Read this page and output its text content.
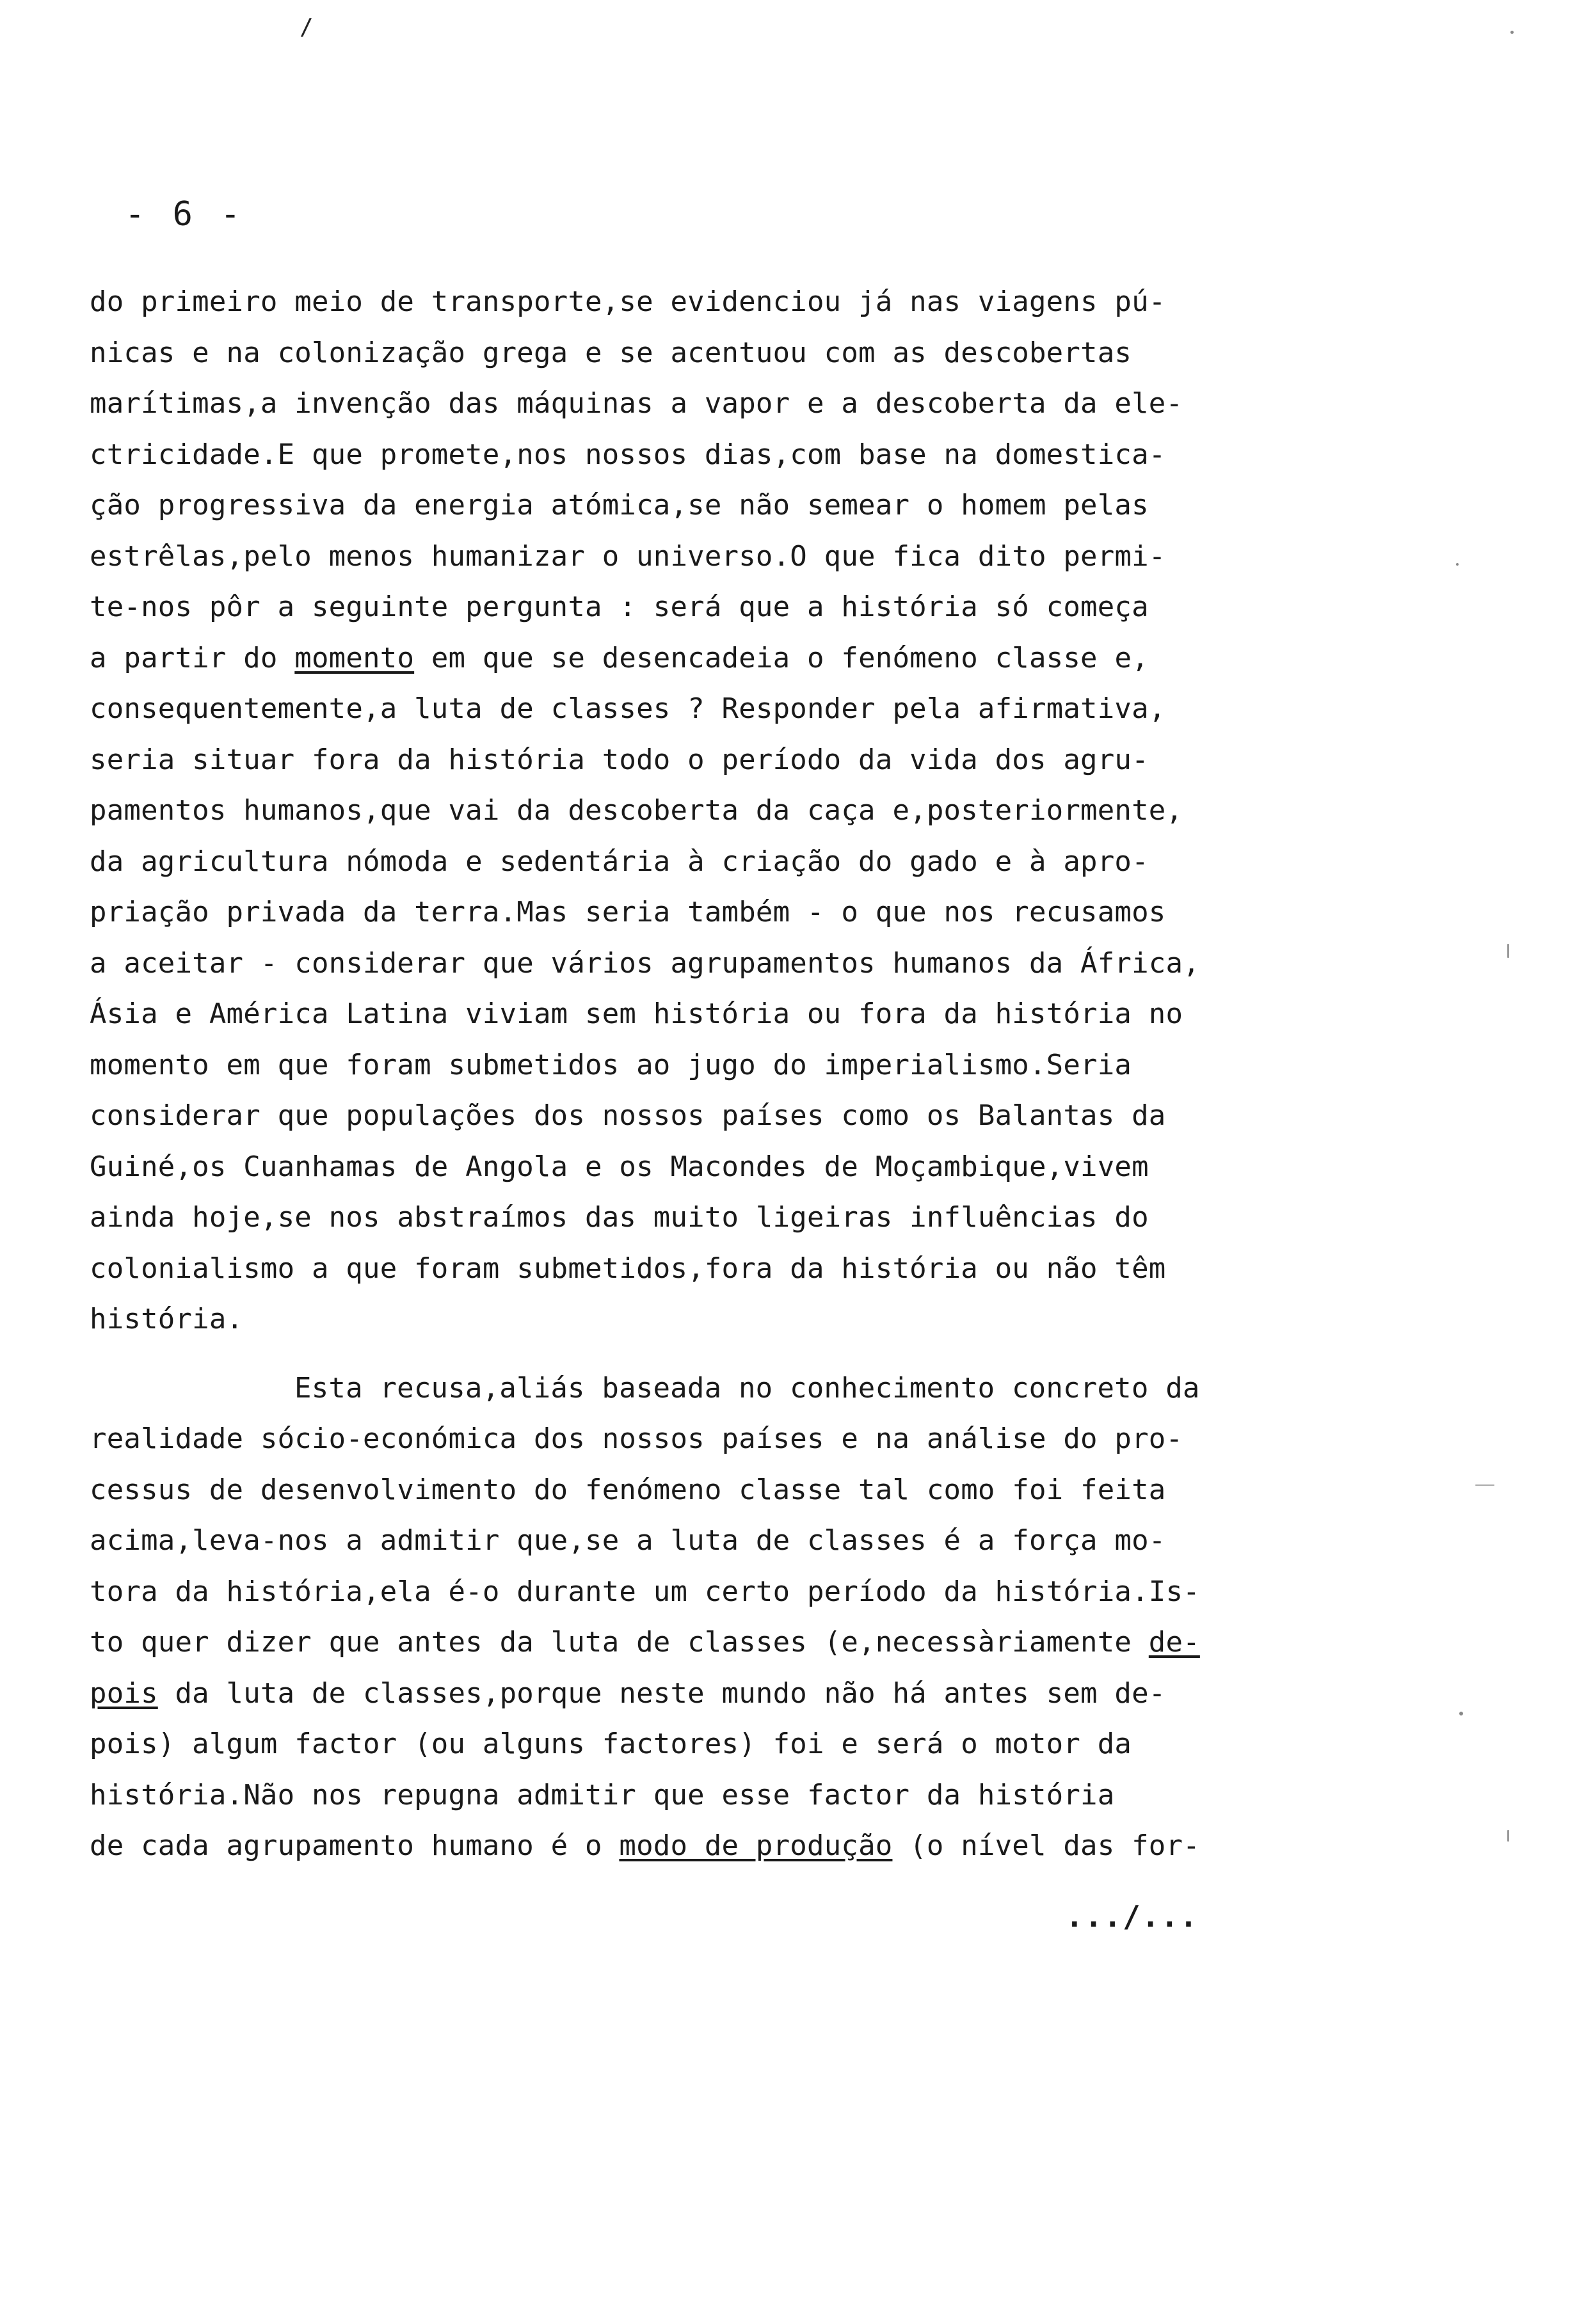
/
- 6 -
do primeiro meio de transporte,se evidenciou já nas viagens pú-
nicas e na colonização grega e se acentuou com as descobertas
marítimas,a invenção das máquinas a vapor e a descoberta da ele-
ctricidade.E que promete,nos nossos dias,com base na domestica-
ção progressiva da energia atómica,se não semear o homem pelas
estrêlas,pelo menos humanizar o universo.O que fica dito permi-
te-nos pôr a seguinte pergunta : será que a história só começa
a partir do momento em que se desencadeia o fenómeno classe e,
consequentemente,a luta de classes ? Responder pela afirmativa,
seria situar fora da história todo o período da vida dos agru-
pamentos humanos,que vai da descoberta da caça e,posteriormente,
da agricultura nómoda e sedentária à criação do gado e à apro-
priação privada da terra.Mas seria também - o que nos recusamos
a aceitar - considerar que vários agrupamentos humanos da África,
Ásia e América Latina viviam sem história ou fora da história no
momento em que foram submetidos ao jugo do imperialismo.Seria
considerar que populações dos nossos países como os Balantas da
Guiné,os Cuanhamas de Angola e os Macondes de Moçambique,vivem
ainda hoje,se nos abstraímos das muito ligeiras influências do
colonialismo a que foram submetidos,fora da história ou não têm
história.
Esta recusa,aliás baseada no conhecimento concreto da
realidade sócio-económica dos nossos países e na análise do pro-
cessus de desenvolvimento do fenómeno classe tal como foi feita
acima,leva-nos a admitir que,se a luta de classes é a força mo-
tora da história,ela é-o durante um certo período da história.Is-
to quer dizer que antes da luta de classes (e,necessàriamente de-
pois da luta de classes,porque neste mundo não há antes sem de-
pois) algum factor (ou alguns factores) foi e será o motor da
história.Não nos repugna admitir que esse factor da história
de cada agrupamento humano é o modo de produção (o nível das for-
.../...
